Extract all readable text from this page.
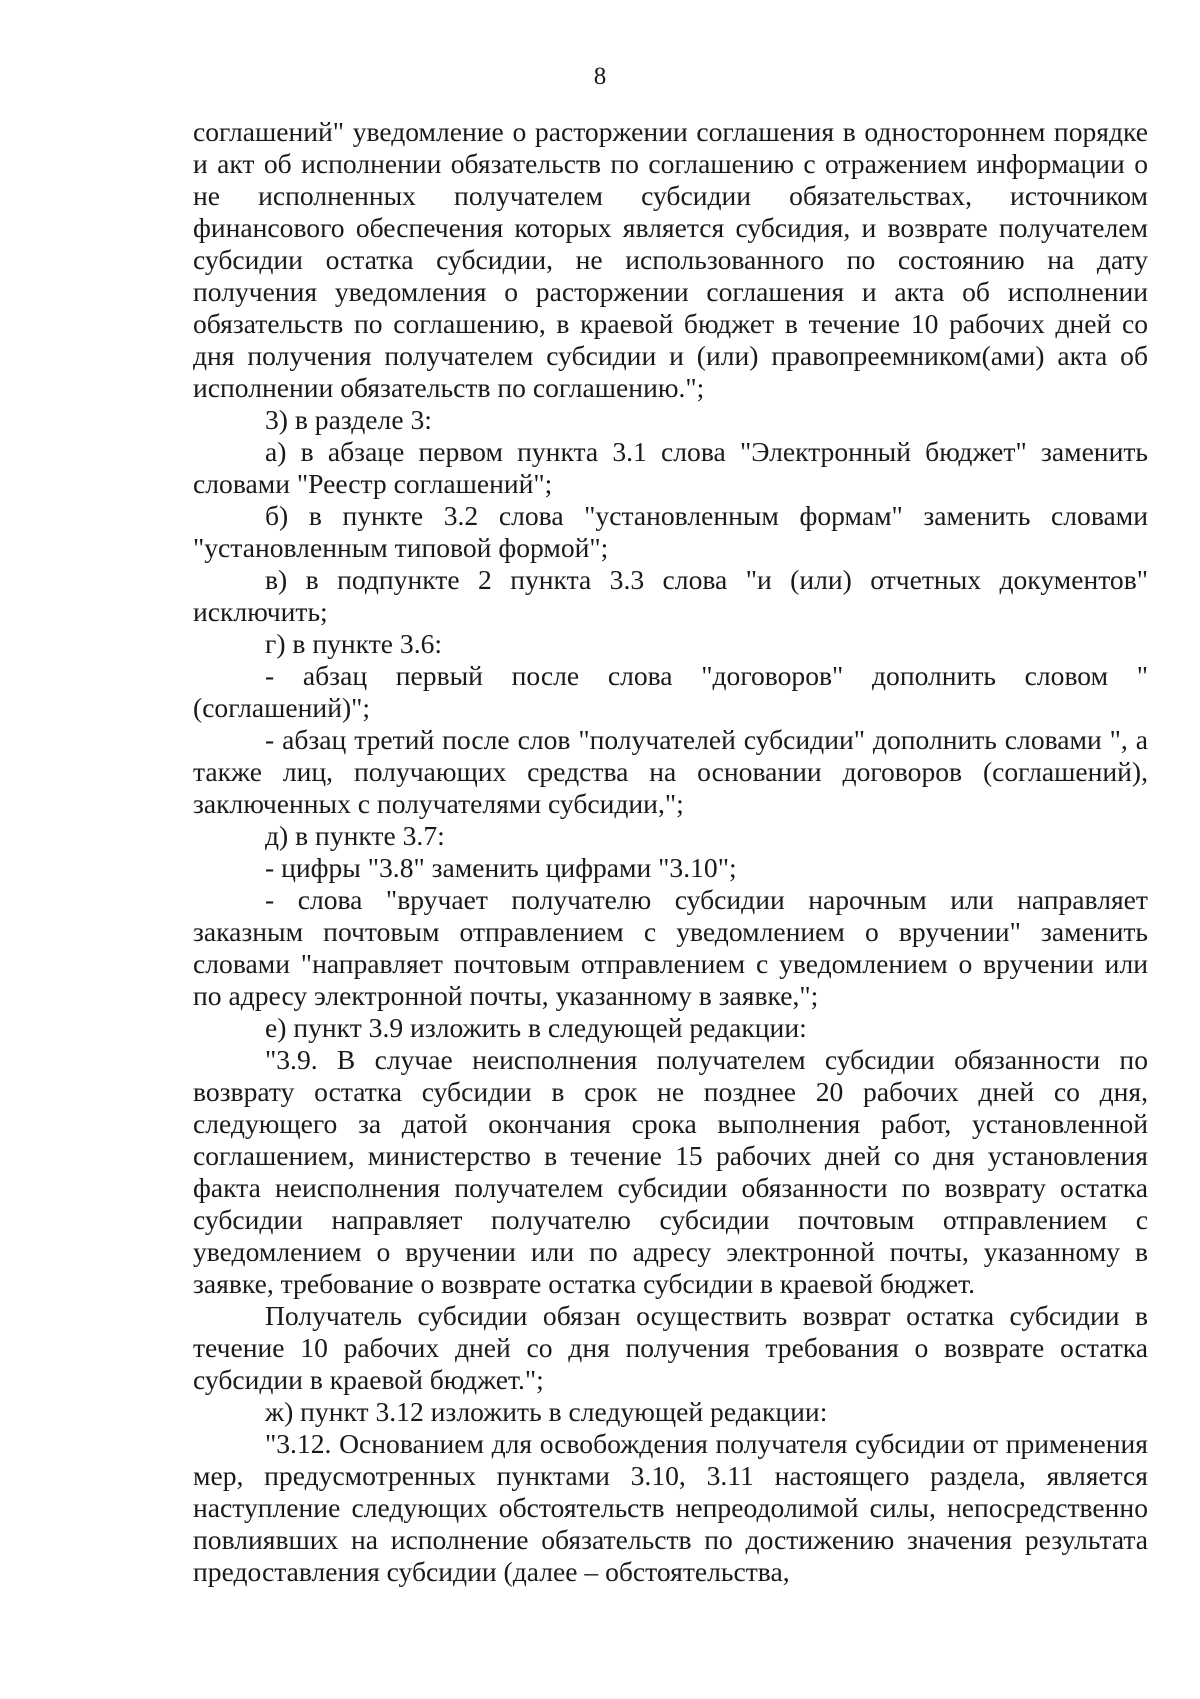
8

соглашений" уведомление о расторжении соглашения в одностороннем порядке и акт об исполнении обязательств по соглашению с отражением информации о не исполненных получателем субсидии обязательствах, источником финансового обеспечения которых является субсидия, и возврате получателем субсидии остатка субсидии, не использованного по состоянию на дату получения уведомления о расторжении соглашения и акта об исполнении обязательств по соглашению, в краевой бюджет в течение 10 рабочих дней со дня получения получателем субсидии и (или) правопреемником(ами) акта об исполнении обязательств по соглашению.";

3) в разделе 3:

а) в абзаце первом пункта 3.1 слова "Электронный бюджет" заменить словами "Реестр соглашений";

б) в пункте 3.2 слова "установленным формам" заменить словами "установленным типовой формой";

в) в подпункте 2 пункта 3.3 слова "и (или) отчетных документов" исключить;

г) в пункте 3.6:

- абзац первый после слова "договоров" дополнить словом "(соглашений)";

- абзац третий после слов "получателей субсидии" дополнить словами ", а также лиц, получающих средства на основании договоров (соглашений), заключенных с получателями субсидии,";

д) в пункте 3.7:

- цифры "3.8" заменить цифрами "3.10";

- слова "вручает получателю субсидии нарочным или направляет заказным почтовым отправлением с уведомлением о вручении" заменить словами "направляет почтовым отправлением с уведомлением о вручении или по адресу электронной почты, указанному в заявке,";

е) пункт 3.9 изложить в следующей редакции:

"3.9. В случае неисполнения получателем субсидии обязанности по возврату остатка субсидии в срок не позднее 20 рабочих дней со дня, следующего за датой окончания срока выполнения работ, установленной соглашением, министерство в течение 15 рабочих дней со дня установления факта неисполнения получателем субсидии обязанности по возврату остатка субсидии направляет получателю субсидии почтовым отправлением с уведомлением о вручении или по адресу электронной почты, указанному в заявке, требование о возврате остатка субсидии в краевой бюджет.

Получатель субсидии обязан осуществить возврат остатка субсидии в течение 10 рабочих дней со дня получения требования о возврате остатка субсидии в краевой бюджет.";

ж) пункт 3.12 изложить в следующей редакции:

"3.12. Основанием для освобождения получателя субсидии от применения мер, предусмотренных пунктами 3.10, 3.11 настоящего раздела, является наступление следующих обстоятельств непреодолимой силы, непосредственно повлиявших на исполнение обязательств по достижению значения результата предоставления субсидии (далее – обстоятельства,
